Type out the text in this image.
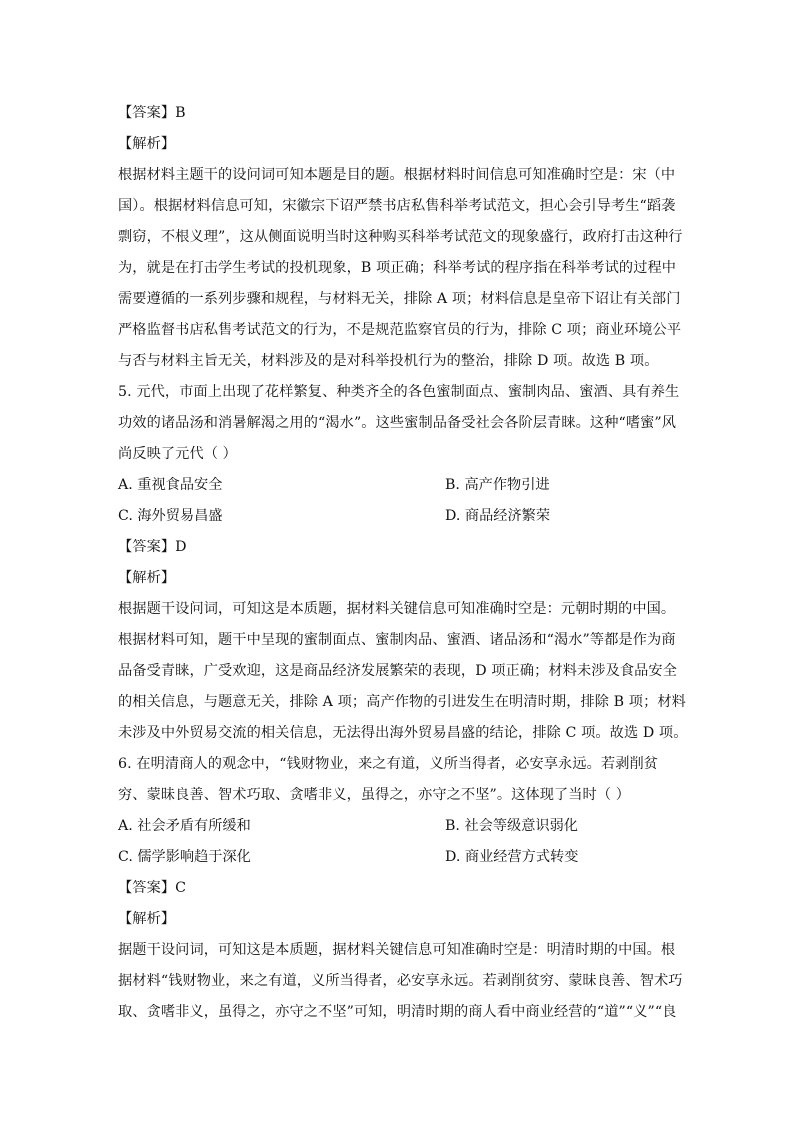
【答案】B
【解析】
根据材料主题干的设问词可知本题是目的题。根据材料时间信息可知准确时空是：宋（中
国）。根据材料信息可知，宋徽宗下诏严禁书店私售科举考试范文，担心会引导考生“蹈袭
剽窃，不根义理”，这从侧面说明当时这种购买科举考试范文的现象盛行，政府打击这种行
为，就是在打击学生考试的投机现象，B 项正确；科举考试的程序指在科举考试的过程中
需要遵循的一系列步骤和规程，与材料无关，排除 A 项；材料信息是皇帝下诏让有关部门
严格监督书店私售考试范文的行为，不是规范监察官员的行为，排除 C 项；商业环境公平
与否与材料主旨无关，材料涉及的是对科举投机行为的整治，排除 D 项。故选 B 项。
5. 元代，市面上出现了花样繁复、种类齐全的各色蜜制面点、蜜制肉品、蜜酒、具有养生
功效的诸品汤和消暑解渴之用的“渴水”。这些蜜制品备受社会各阶层青睐。这种“嗜蜜”风
尚反映了元代（ ）
A. 重视食品安全	B. 高产作物引进
C. 海外贸易昌盛	D. 商品经济繁荣
【答案】D
【解析】
根据题干设问词，可知这是本质题，据材料关键信息可知准确时空是：元朝时期的中国。
根据材料可知，题干中呈现的蜜制面点、蜜制肉品、蜜酒、诸品汤和“渴水”等都是作为商
品备受青睐，广受欢迎，这是商品经济发展繁荣的表现，D 项正确；材料未涉及食品安全
的相关信息，与题意无关，排除 A 项；高产作物的引进发生在明清时期，排除 B 项；材料
未涉及中外贸易交流的相关信息，无法得出海外贸易昌盛的结论，排除 C 项。故选 D 项。
6. 在明清商人的观念中，“钱财物业，来之有道，义所当得者，必安享永远。若剥削贫
穷、蒙昧良善、智术巧取、贪嗜非义，虽得之，亦守之不坚”。这体现了当时（ ）
A. 社会矛盾有所缓和	B. 社会等级意识弱化
C. 儒学影响趋于深化	D. 商业经营方式转变
【答案】C
【解析】
据题干设问词，可知这是本质题，据材料关键信息可知准确时空是：明清时期的中国。根
据材料“钱财物业，来之有道，义所当得者，必安享永远。若剥削贫穷、蒙昧良善、智术巧
取、贪嗜非义，虽得之，亦守之不坚”可知，明清时期的商人看中商业经营的“道”“义”“良
